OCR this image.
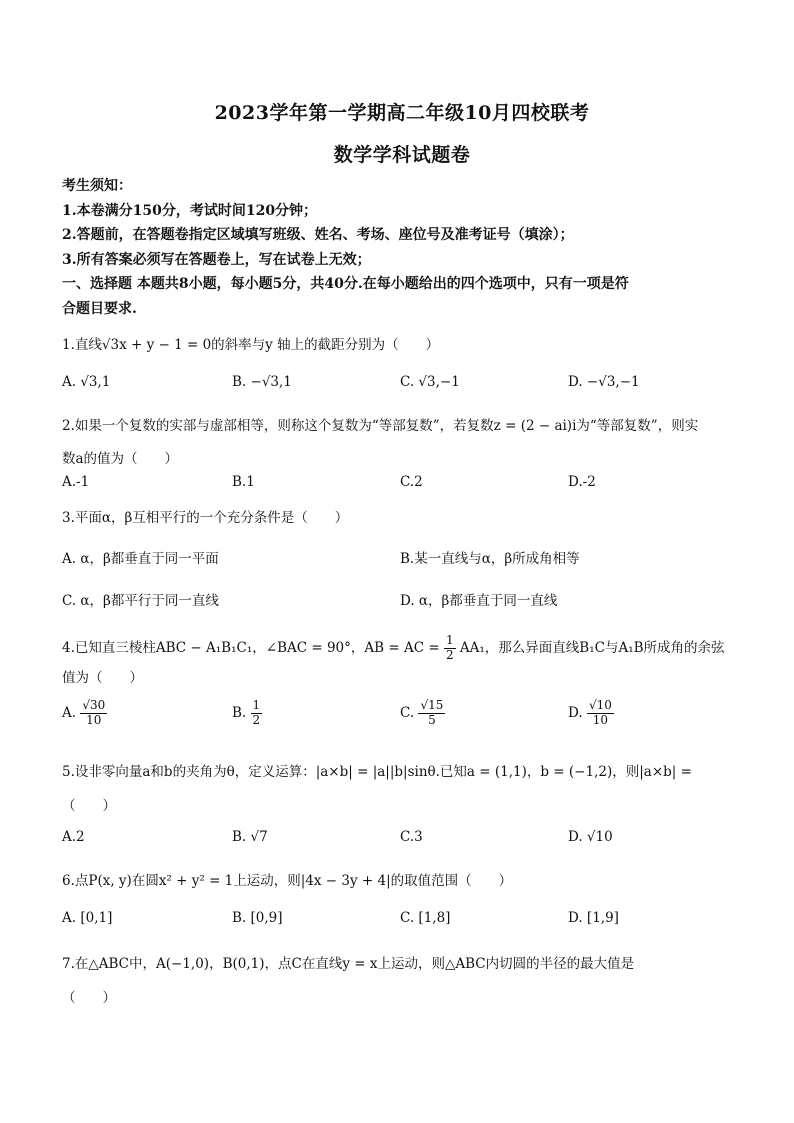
2023学年第一学期高二年级10月四校联考
数学学科试题卷
考生须知：
1.本卷满分150分，考试时间120分钟；
2.答题前，在答题卷指定区域填写班级、姓名、考场、座位号及准考证号（填涂）；
3.所有答案必须写在答题卷上，写在试卷上无效；
一、选择题 本题共8小题，每小题5分，共40分.在每小题给出的四个选项中，只有一项是符
合题目要求.
1.直线√3x + y − 1 = 0的斜率与y 轴上的截距分别为（　　）
A. √3,1	B. −√3,1	C. √3,−1	D. −√3,−1
2.如果一个复数的实部与虚部相等，则称这个复数为“等部复数”，若复数z = (2 − ai)i为“等部复数”，则实
数a的值为（　　）
A.-1	B.1	C.2	D.-2
3.平面α，β互相平行的一个充分条件是（　　）
A. α，β都垂直于同一平面	B.某一直线与α，β所成角相等
C. α，β都平行于同一直线	D. α，β都垂直于同一直线
4.已知直三棱柱ABC − A₁B₁C₁，∠BAC = 90°，AB = AC = $\frac{1}{2} AA_1$，那么异面直线B₁C与A₁B所成角的余弦
值为（　　）
A. $\frac{√30}{10}$	B. $\frac{1}{2}$	C. $\frac{√15}{5}$	D. $\frac{√10}{10}$
5.设非零向量a和b的夹角为θ，定义运算：|a×b| = |a||b|sinθ.已知a = (1,1)，b = (−1,2)，则|a×b| =
（　　）
A.2	B. √7	C.3	D. √10
6.点P(x, y)在圆x² + y² = 1上运动，则|4x − 3y + 4|的取值范围（　　）
A. [0,1]	B. [0,9]	C. [1,8]	D. [1,9]
7.在△ABC中，A(−1,0)，B(0,1)，点C在直线y = x上运动，则△ABC内切圆的半径的最大值是
（　　）
